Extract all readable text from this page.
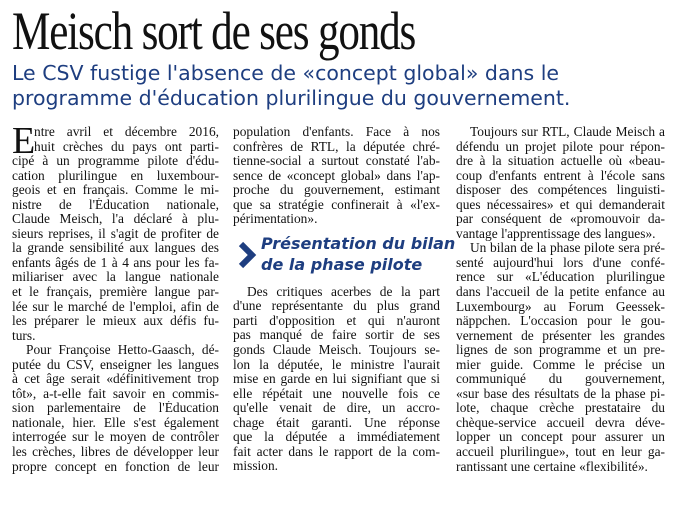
Meisch sort de ses gonds
Le CSV fustige l'absence de «concept global» dans le
programme d'éducation plurilingue du gouvernement.
E
ntre avril et décembre 2016,
huit crèches du pays ont parti-
cipé à un programme pilote d'édu-
cation plurilingue en luxembour-
geois et en français. Comme le mi-
nistre de l'Éducation nationale,
Claude Meisch, l'a déclaré à plu-
sieurs reprises, il s'agit de profiter de
la grande sensibilité aux langues des
enfants âgés de 1 à 4 ans pour les fa-
miliariser avec la langue nationale
et le français, première langue par-
lée sur le marché de l'emploi, afin de
les préparer le mieux aux défis fu-
turs.
Pour Françoise Hetto-Gaasch, dé-
putée du CSV, enseigner les langues
à cet âge serait «définitivement trop
tôt», a-t-elle fait savoir en commis-
sion parlementaire de l'Éducation
nationale, hier. Elle s'est également
interrogée sur le moyen de contrôler
les crèches, libres de développer leur
propre concept en fonction de leur
population d'enfants. Face à nos
confrères de RTL, la députée chré-
tienne-social a surtout constaté l'ab-
sence de «concept global» dans l'ap-
proche du gouvernement, estimant
que sa stratégie confinerait à «l'ex-
périmentation».
Présentation du bilan
de la phase pilote
Des critiques acerbes de la part
d'une représentante du plus grand
parti d'opposition et qui n'auront
pas manqué de faire sortir de ses
gonds Claude Meisch. Toujours se-
lon la députée, le ministre l'aurait
mise en garde en lui signifiant que si
elle répétait une nouvelle fois ce
qu'elle venait de dire, un accro-
chage était garanti. Une réponse
que la députée a immédiatement
fait acter dans le rapport de la com-
mission.
Toujours sur RTL, Claude Meisch a
défendu un projet pilote pour répon-
dre à la situation actuelle où «beau-
coup d'enfants entrent à l'école sans
disposer des compétences linguisti-
ques nécessaires» et qui demanderait
par conséquent de «promouvoir da-
vantage l'apprentissage des langues».
Un bilan de la phase pilote sera pré-
senté aujourd'hui lors d'une confé-
rence sur «L'éducation plurilingue
dans l'accueil de la petite enfance au
Luxembourg» au Forum Geessek-
näppchen. L'occasion pour le gou-
vernement de présenter les grandes
lignes de son programme et un pre-
mier guide. Comme le précise un
communiqué du gouvernement,
«sur base des résultats de la phase pi-
lote, chaque crèche prestataire du
chèque-service accueil devra déve-
lopper un concept pour assurer un
accueil plurilingue», tout en leur ga-
rantissant une certaine «flexibilité».
